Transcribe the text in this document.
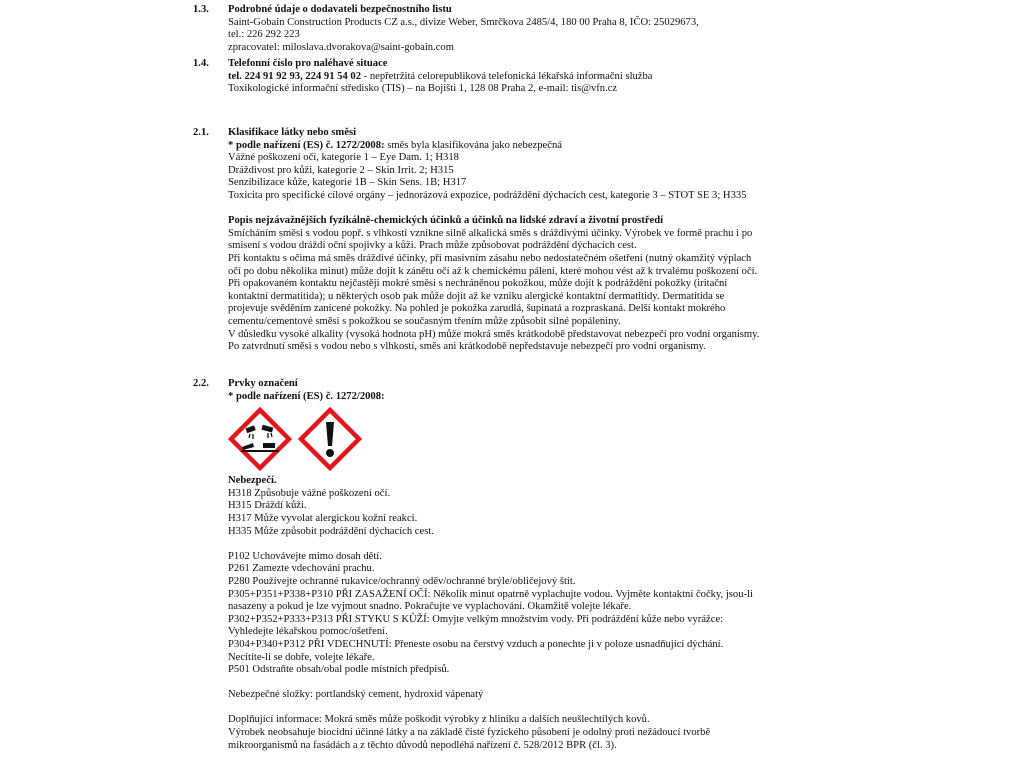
1.3. Podrobné údaje o dodavateli bezpečnostního listu
Saint-Gobain Construction Products CZ a.s., divize Weber, Smrčkova 2485/4, 180 00 Praha 8, IČO: 25029673,
tel.: 226 292 223
zpracovatel: miloslava.dvorakova@saint-gobain.com
1.4. Telefonní číslo pro naléhavé situace
tel. 224 91 92 93, 224 91 54 02 - nepřetržitá celorepubliková telefonická lékařská informační služba
Toxikologické informační středisko (TIS) – na Bojišti 1, 128 08 Praha 2, e-mail: tis@vfn.cz
2.1. Klasifikace látky nebo směsi
* podle nařízení (ES) č. 1272/2008: směs byla klasifikována jako nebezpečná
Vážné poškození očí, kategorie 1 – Eye Dam. 1; H318
Dráždivost pro kůži, kategorie 2 – Skin Irrit. 2; H315
Senzibilizace kůže, kategorie 1B – Skin Sens. 1B; H317
Toxicita pro specifické cílové orgány – jednorázová expozice, podráždění dýchacích cest, kategorie 3 – STOT SE 3; H335
Popis nejzávažnějších fyzikálně-chemických účinků a účinků na lidské zdraví a životní prostředí
Smícháním směsi s vodou popř. s vlhkostí vznikne silně alkalická směs s dráždivými účinky. Výrobek ve formě prachu i po
smísení s vodou dráždí oční spojivky a kůži. Prach může způsobovat podráždění dýchacích cest.
Při kontaktu s očima má směs dráždivé účinky, při masivním zásahu nebo nedostatečném ošetření (nutný okamžitý výplach
očí po dobu několika minut) může dojít k zánětu očí až k chemickému pálení, které mohou vést až k trvalému poškození očí.
Při opakovaném kontaktu nejčastěji mokré směsi s nechráněnou pokožkou, může dojít k podráždění pokožky (iritační
kontaktní dermatitida); u některých osob pak může dojít až ke vzniku alergické kontaktní dermatitidy. Dermatitida se
projevuje svěděním zanícené pokožky. Na pohled je pokožka zarudlá, šupinatá a rozpraskaná. Delší kontakt mokrého
cementu/cementové směsi s pokožkou se současným třením může způsobit silné popáleniny.
V důsledku vysoké alkality (vysoká hodnota pH) může mokrá směs krátkodobě představovat nebezpečí pro vodní organismy.
Po zatvrdnutí směsi s vodou nebo s vlhkostí, směs ani krátkodobě nepředstavuje nebezpečí pro vodní organismy.
2.2. Prvky označení
* podle nařízení (ES) č. 1272/2008:
Nebezpečí.
H318 Způsobuje vážné poškození očí.
H315 Dráždí kůži.
H317 Může vyvolat alergickou kožní reakci.
H335 Může způsobit podráždění dýchacích cest.
P102 Uchovávejte mimo dosah dětí.
P261 Zamezte vdechování prachu.
P280 Používejte ochranné rukavice/ochranný oděv/ochranné brýle/obličejový štít.
P305+P351+P338+P310 PŘI ZASAŽENÍ OČÍ: Několik minut opatrně vyplachujte vodou. Vyjměte kontaktní čočky, jsou-li
nasazeny a pokud je lze vyjmout snadno. Pokračujte ve vyplachování. Okamžitě volejte lékaře.
P302+P352+P333+P313 PŘI STYKU S KŮŽÍ: Omyjte velkým množstvím vody. Při podráždění kůže nebo vyrážce:
Vyhledejte lékařskou pomoc/ošetření.
P304+P340+P312 PŘI VDECHNUTÍ: Přeneste osobu na čerstvý vzduch a ponechte ji v poloze usnadňující dýchání.
Necítíte-li se dobře, volejte lékaře.
P501 Odstraňte obsah/obal podle místních předpisů.
Nebezpečné složky: portlandský cement, hydroxid vápenatý
Doplňující informace: Mokrá směs může poškodit výrobky z hliníku a dalších neušlechtilých kovů.
Výrobek neobsahuje biocidní účinné látky a na základě čisté fyzického působení je odolný proti nežádoucí tvorbě
mikroorganismů na fasádách a z těchto důvodů nepodléhá nařízení č. 528/2012 BPR (čl. 3).
